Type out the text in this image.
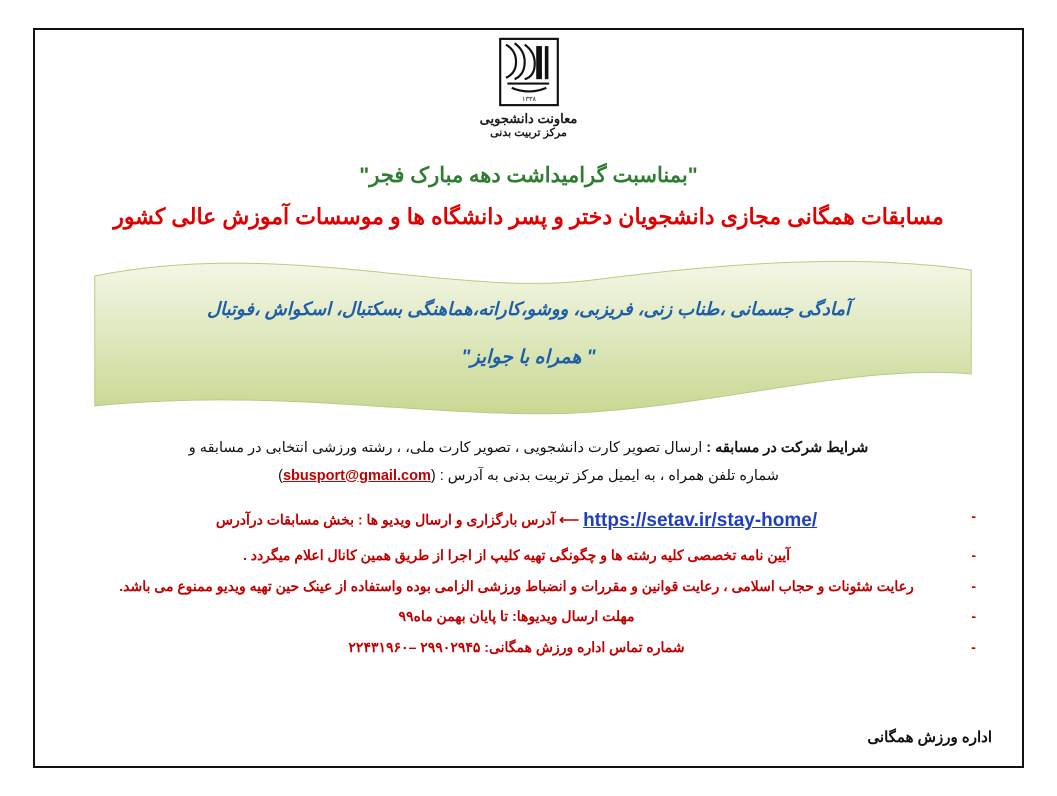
۱۳۳۸
معاونت دانشجویی
مرکز تربیت بدنی
"بمناسبت گرامیداشت دهه مبارک فجر"
مسابقات همگانی مجازی دانشجویان دختر و پسر دانشگاه ها و موسسات آموزش عالی کشور
آمادگی جسمانی ،طناب زنی، فریزبی، ووشو،کاراته،هماهنگی بسکتبال، اسکواش ،فوتبال
" همراه با جوایز"
شرایط شرکت در مسابقه : ارسال تصویر کارت دانشجویی ، تصویر کارت ملی، ، رشته ورزشی انتخابی در مسابقه و
شماره تلفن همراه ، به ایمیل مرکز تربیت بدنی به آدرس : (sbusport@gmail.com)
-
https://setav.ir/stay-home/ ⟵ آدرس بارگزاری و ارسال ویدیو ها : بخش مسابقات درآدرس
-
آیین نامه تخصصی کلیه رشته ها و چگونگی تهیه کلیپ از اجرا از طریق همین کانال اعلام میگردد .
-
رعایت شئونات و حجاب اسلامی ، رعایت قوانین و مقررات و انضباط ورزشی الزامی بوده واستفاده از عینک حین تهیه ویدیو ممنوع می باشد.
-
مهلت ارسال ویدیوها: تا پایان بهمن ماه۹۹
-
شماره تماس اداره ورزش همگانی: ۲۹۹۰۲۹۴۵ –۲۲۴۳۱۹۶۰
اداره ورزش همگانی
